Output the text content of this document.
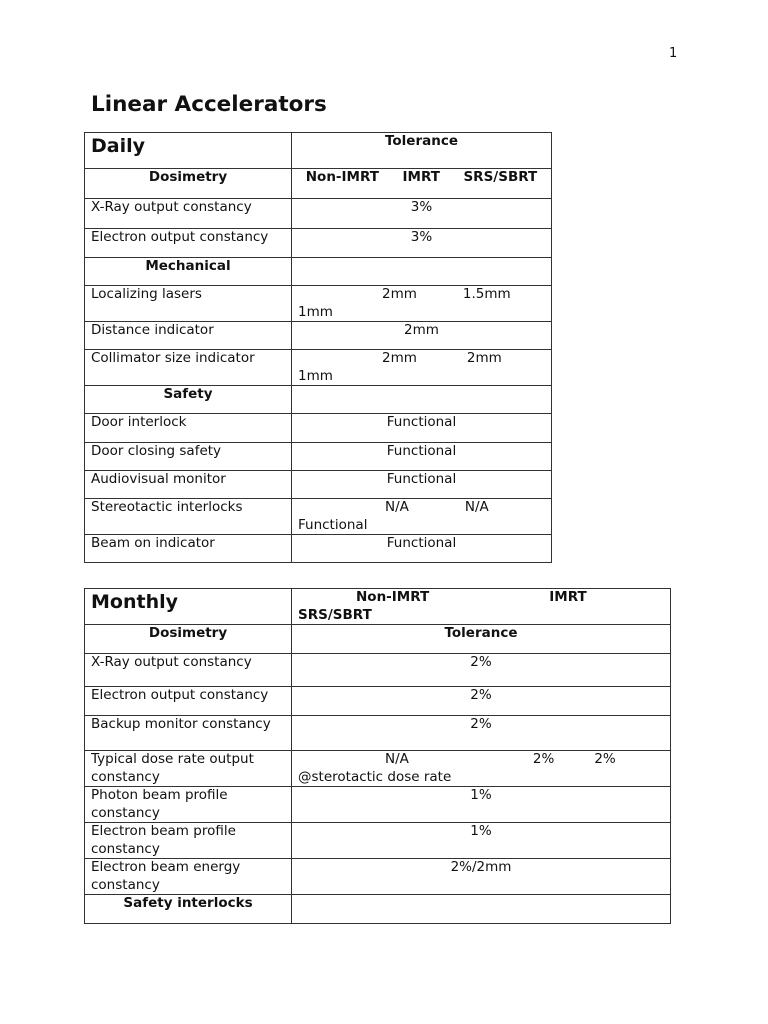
1
Linear Accelerators
Daily	Tolerance
Dosimetry	Non-IMRT     IMRT     SRS/SBRT
X-Ray output constancy	3%
Electron output constancy	3%
Mechanical	
Localizing lasers	2mm 1.5mm
1mm
Distance indicator	2mm
Collimator size indicator	2mm 2mm
1mm
Safety	
Door interlock	Functional
Door closing safety	Functional
Audiovisual monitor	Functional
Stereotactic interlocks	N/A N/A
Functional
Beam on indicator	Functional
Monthly	Non-IMRT IMRT
SRS/SBRT
Dosimetry	Tolerance
X-Ray output constancy	2%
Electron output constancy	2%
Backup monitor constancy	2%
Typical dose rate output constancy	N/A 2% 2%
@sterotactic dose rate
Photon beam profile constancy	1%
Electron beam profile constancy	1%
Electron beam energy constancy	2%/2mm
Safety interlocks	
